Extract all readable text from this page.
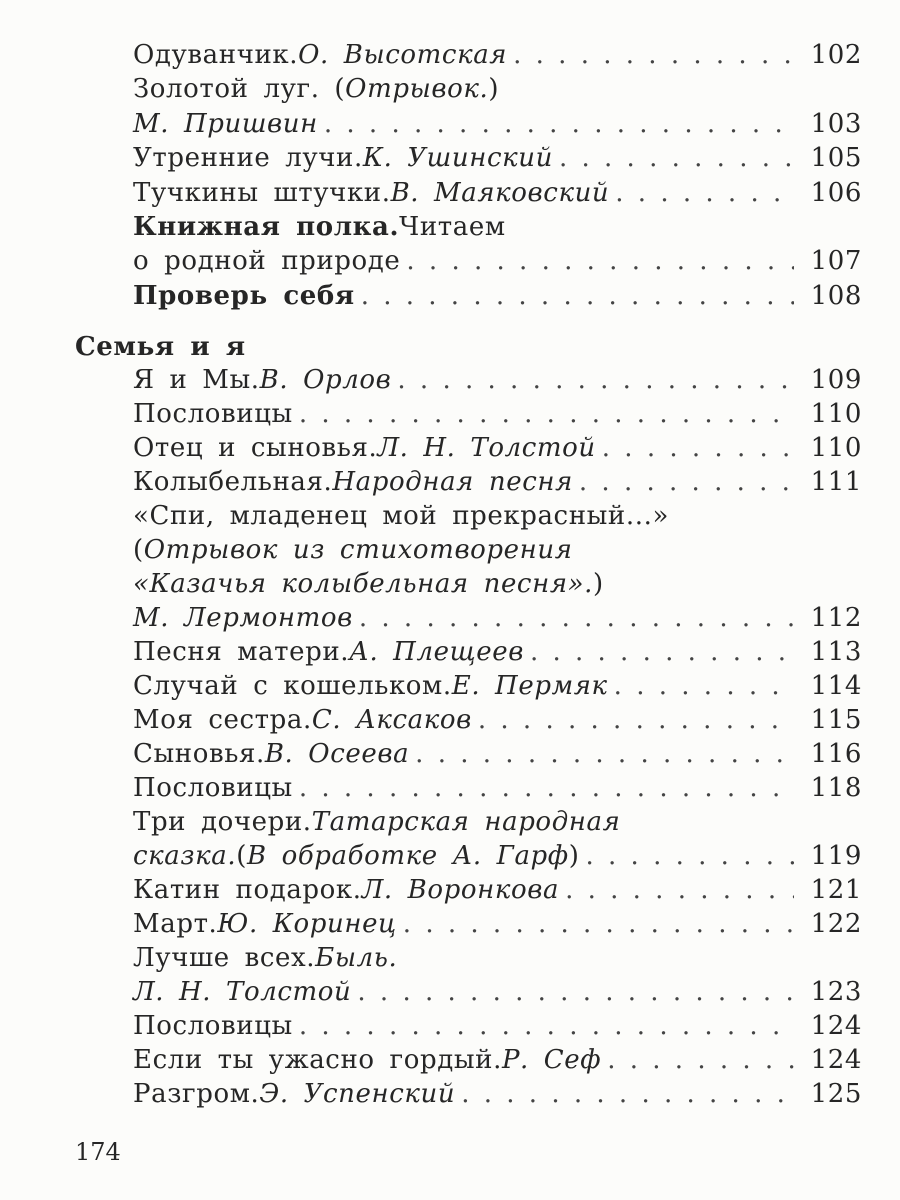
Одуванчик. О. Высотская . . .	102
Золотой луг. ( Отрывок. )
М. Пришвин . . .	103
Утренние лучи. К. Ушинский . . .	105
Тучкины штучки. В. Маяковский . . .	106
Книжная полка. Читаем
о родной природе . . .	107
Проверь себя . . .	108
Семья и я
Я и Мы. В. Орлов . . .	109
Пословицы . . .	110
Отец и сыновья. Л. Н. Толстой . . .	110
Колыбельная. Народная песня . . .	111
«Спи, младенец мой прекрасный...»
( Отрывок из стихотворения
«Казачья колыбельная песня». )
М. Лермонтов . . .	112
Песня матери. А. Плещеев . . .	113
Случай с кошельком. Е. Пермяк . . .	114
Моя сестра. С. Аксаков . . .	115
Сыновья. В. Осеева . . .	116
Пословицы . . .	118
Три дочери. Татарская народная
сказка. ( В обработке А. Гарф ) . . .	119
Катин подарок. Л. Воронкова . . .	121
Март. Ю. Коринец . . .	122
Лучше всех. Быль.
Л. Н. Толстой . . .	123
Пословицы . . .	124
Если ты ужасно гордый. Р. Сеф . . .	124
Разгром. Э. Успенский . . .	125
174
